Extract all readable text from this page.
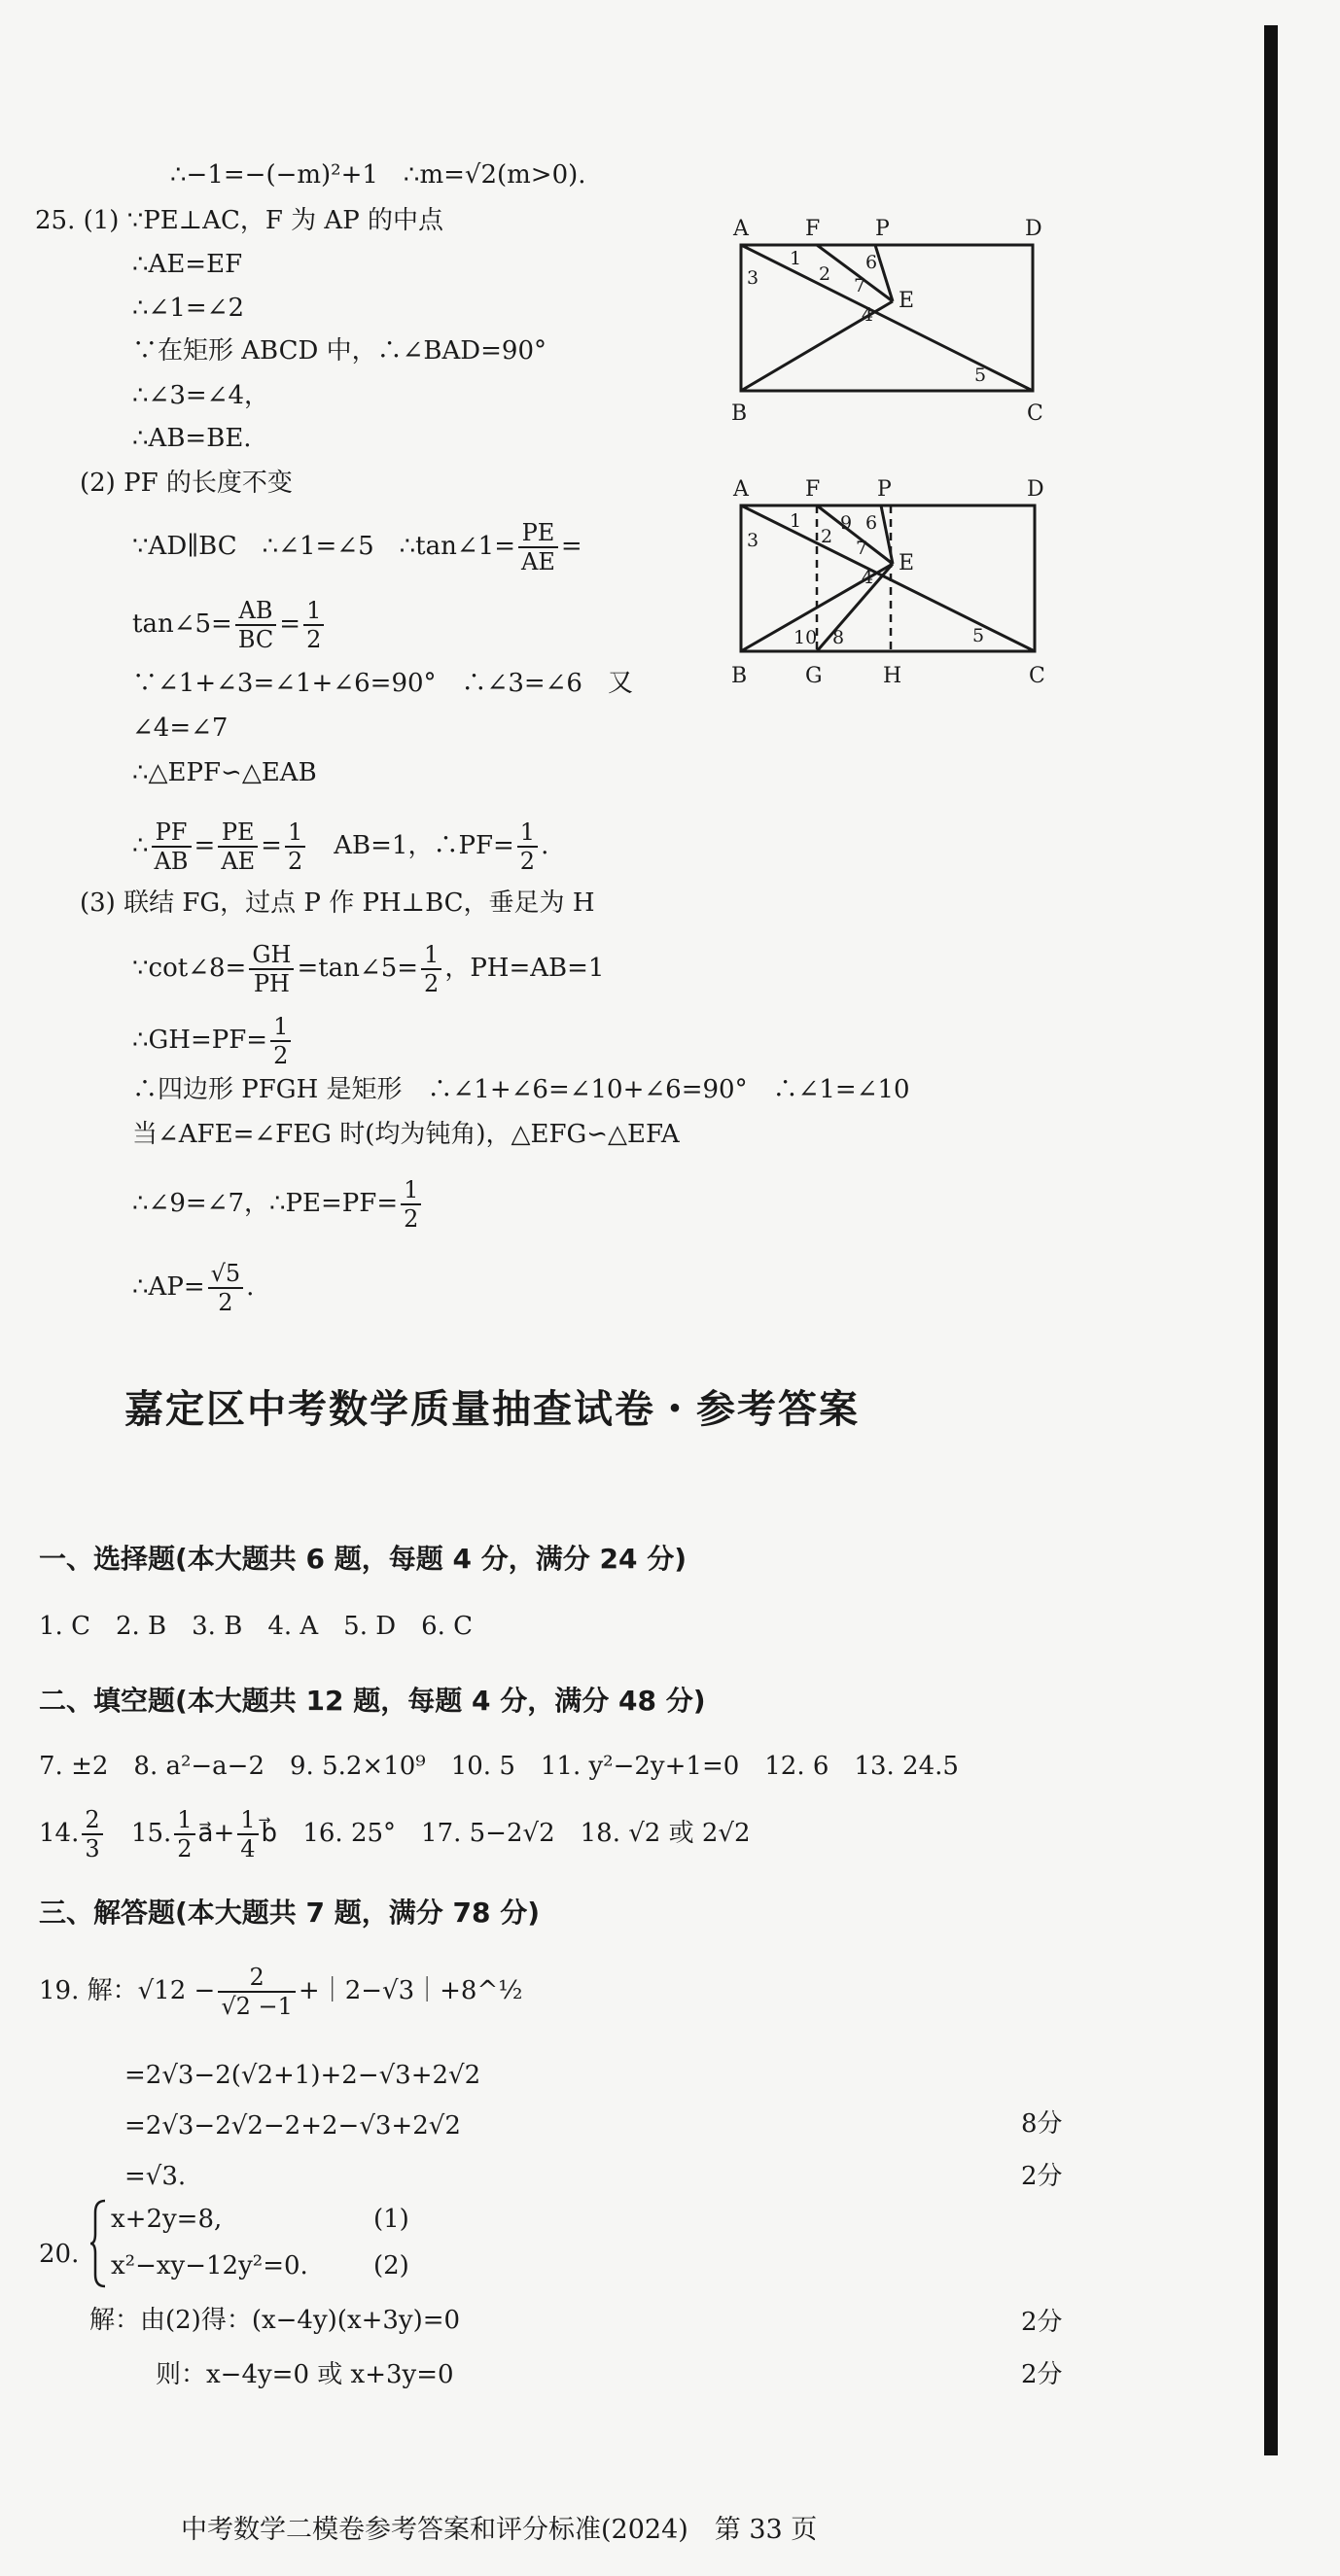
∴−1=−(−m)²+1　∴m=√2(m>0).
25. (1) ∵PE⊥AC，F 为 AP 的中点
∴AE=EF
∴∠1=∠2
∵在矩形 ABCD 中，∴∠BAD=90°
∴∠3=∠4，
∴AB=BE.
(2) PF 的长度不变
∵AD∥BC　∴∠1=∠5　∴tan∠1= $\frac{PE}{AE}$ =
tan∠5= $\frac{AB}{BC} = \frac{1}{2}$
∵∠1+∠3=∠1+∠6=90°　∴∠3=∠6　又
∠4=∠7
∴△EPF∽△EAB
∴ $\frac{PF}{AB} = \frac{PE}{AE} = \frac{1}{2}$ 　AB=1，∴PF= $\frac{1}{2}$ .
(3) 联结 FG，过点 P 作 PH⊥BC，垂足为 H
∵cot∠8= $\frac{GH}{PH}$ =tan∠5= $\frac{1}{2}$ ，PH=AB=1
∴GH=PF= $\frac{1}{2}$
∴四边形 PFGH 是矩形　∴∠1+∠6=∠10+∠6=90°　∴∠1=∠10
当∠AFE=∠FEG 时(均为钝角)，△EFG∽△EFA
∴∠9=∠7，∴PE=PF= $\frac{1}{2}$
∴AP= $\frac{√5}{2}$ .
A	F	P	D
B	C
E
1
2
3
4
5
6
7
A	F	P	D
B	G	H	C
E
1
2
3
4
5
6
7
8
9
10
嘉定区中考数学质量抽查试卷・参考答案
一、选择题(本大题共 6 题，每题 4 分，满分 24 分)
1. C　2. B　3. B　4. A　5. D　6. C
二、填空题(本大题共 12 题，每题 4 分，满分 48 分)
7. ±2　8. a²−a−2　9. 5.2×10⁹　10. 5　11. y²−2y+1=0　12. 6　13. 24.5
14. $\frac{2}{3} 15$. $\frac{1}{2}$ a⃗+ $\frac{1}{4}$ b⃗ 16. 25°　17. 5−2√2　18. √2 或 2√2
三、解答题(本大题共 7 题，满分 78 分)
19. 解：$√12 - \frac{2}{√2 -1}$ +｜2−√3｜+8^½
=2√3−2(√2+1)+2−√3+2√2
=2√3−2√2−2+2−√3+2√2	8分
=√3.	2分
20.
x+2y=8,	(1)
x²−xy−12y²=0.	(2)
解：由(2)得：(x−4y)(x+3y)=0	2分
则：x−4y=0 或 x+3y=0	2分
中考数学二模卷参考答案和评分标准(2024)　第 33 页
